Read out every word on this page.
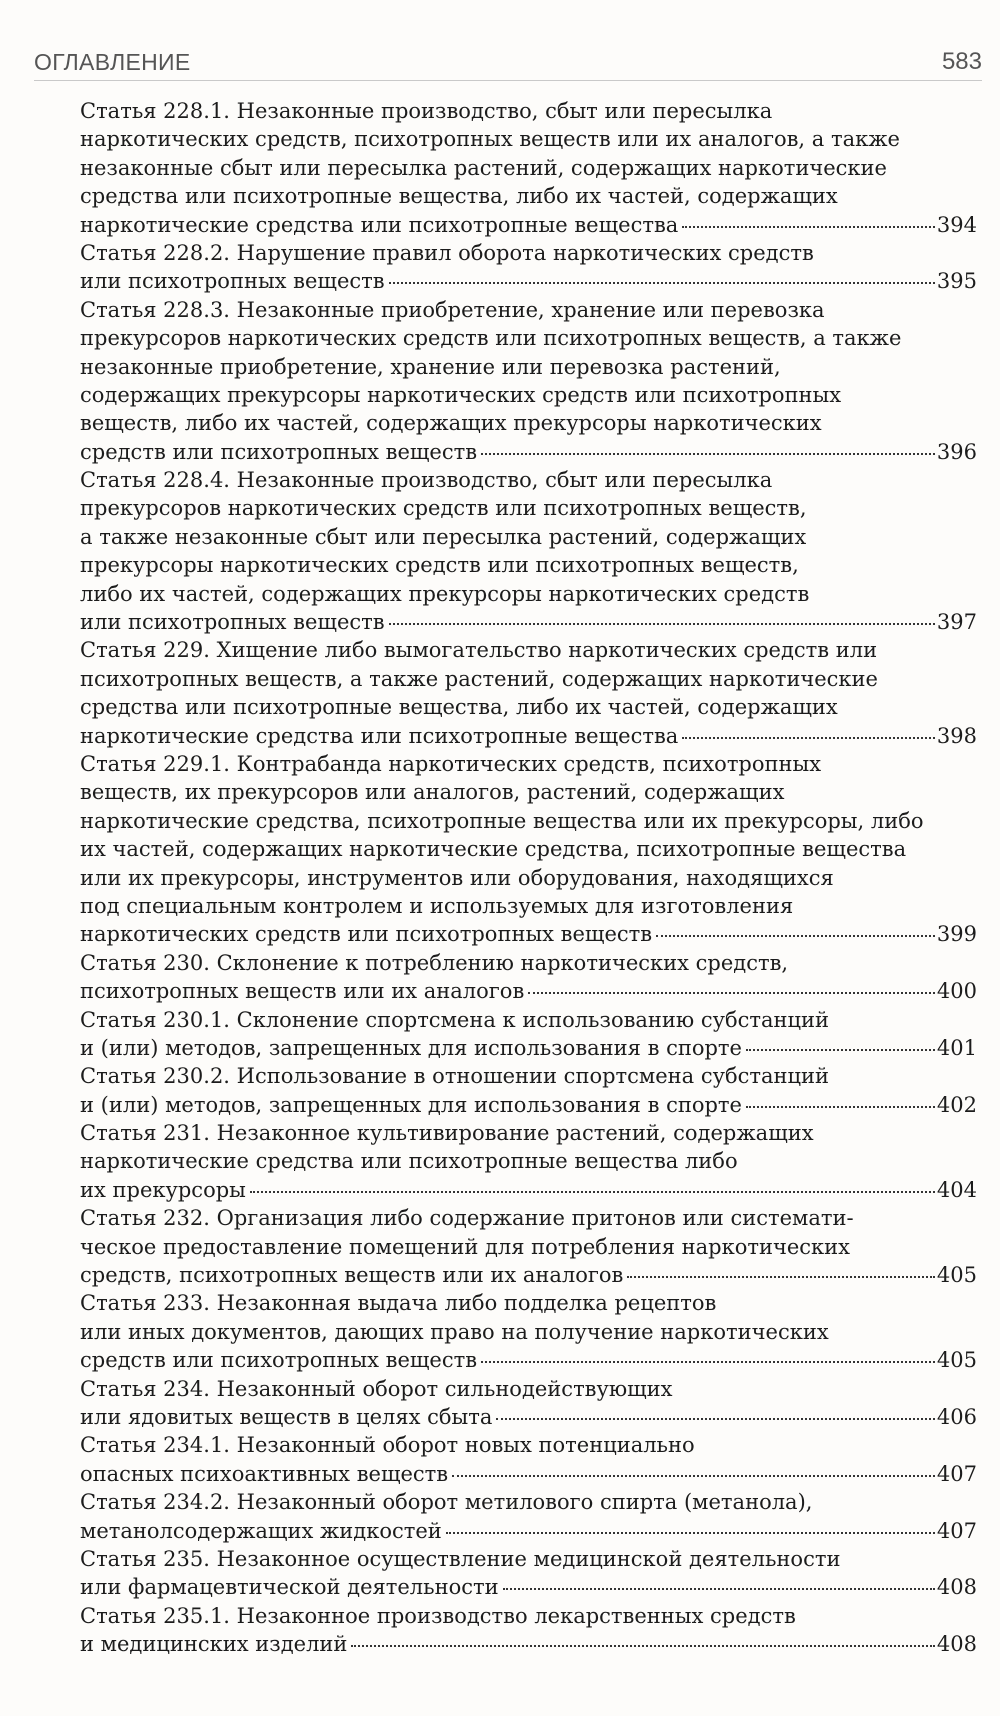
ОГЛАВЛЕНИЕ	583
Статья 228.1. Незаконные производство, сбыт или пересылка
наркотических средств, психотропных веществ или их аналогов, а также
незаконные сбыт или пересылка растений, содержащих наркотические
средства или психотропные вещества, либо их частей, содержащих
наркотические средства или психотропные вещества	394
Статья 228.2. Нарушение правил оборота наркотических средств
или психотропных веществ	395
Статья 228.3. Незаконные приобретение, хранение или перевозка
прекурсоров наркотических средств или психотропных веществ, а также
незаконные приобретение, хранение или перевозка растений,
содержащих прекурсоры наркотических средств или психотропных
веществ, либо их частей, содержащих прекурсоры наркотических
средств или психотропных веществ	396
Статья 228.4. Незаконные производство, сбыт или пересылка
прекурсоров наркотических средств или психотропных веществ,
а также незаконные сбыт или пересылка растений, содержащих
прекурсоры наркотических средств или психотропных веществ,
либо их частей, содержащих прекурсоры наркотических средств
или психотропных веществ	397
Статья 229. Хищение либо вымогательство наркотических средств или
психотропных веществ, а также растений, содержащих наркотические
средства или психотропные вещества, либо их частей, содержащих
наркотические средства или психотропные вещества	398
Статья 229.1. Контрабанда наркотических средств, психотропных
веществ, их прекурсоров или аналогов, растений, содержащих
наркотические средства, психотропные вещества или их прекурсоры, либо
их частей, содержащих наркотические средства, психотропные вещества
или их прекурсоры, инструментов или оборудования, находящихся
под специальным контролем и используемых для изготовления
наркотических средств или психотропных веществ	399
Статья 230. Склонение к потреблению наркотических средств,
психотропных веществ или их аналогов	400
Статья 230.1. Склонение спортсмена к использованию субстанций
и (или) методов, запрещенных для использования в спорте	401
Статья 230.2. Использование в отношении спортсмена субстанций
и (или) методов, запрещенных для использования в спорте	402
Статья 231. Незаконное культивирование растений, содержащих
наркотические средства или психотропные вещества либо
их прекурсоры	404
Статья 232. Организация либо содержание притонов или системати-
ческое предоставление помещений для потребления наркотических
средств, психотропных веществ или их аналогов	405
Статья 233. Незаконная выдача либо подделка рецептов
или иных документов, дающих право на получение наркотических
средств или психотропных веществ	405
Статья 234. Незаконный оборот сильнодействующих
или ядовитых веществ в целях сбыта	406
Статья 234.1. Незаконный оборот новых потенциально
опасных психоактивных веществ	407
Статья 234.2. Незаконный оборот метилового спирта (метанола),
метанолсодержащих жидкостей	407
Статья 235. Незаконное осуществление медицинской деятельности
или фармацевтической деятельности	408
Статья 235.1. Незаконное производство лекарственных средств
и медицинских изделий	408
